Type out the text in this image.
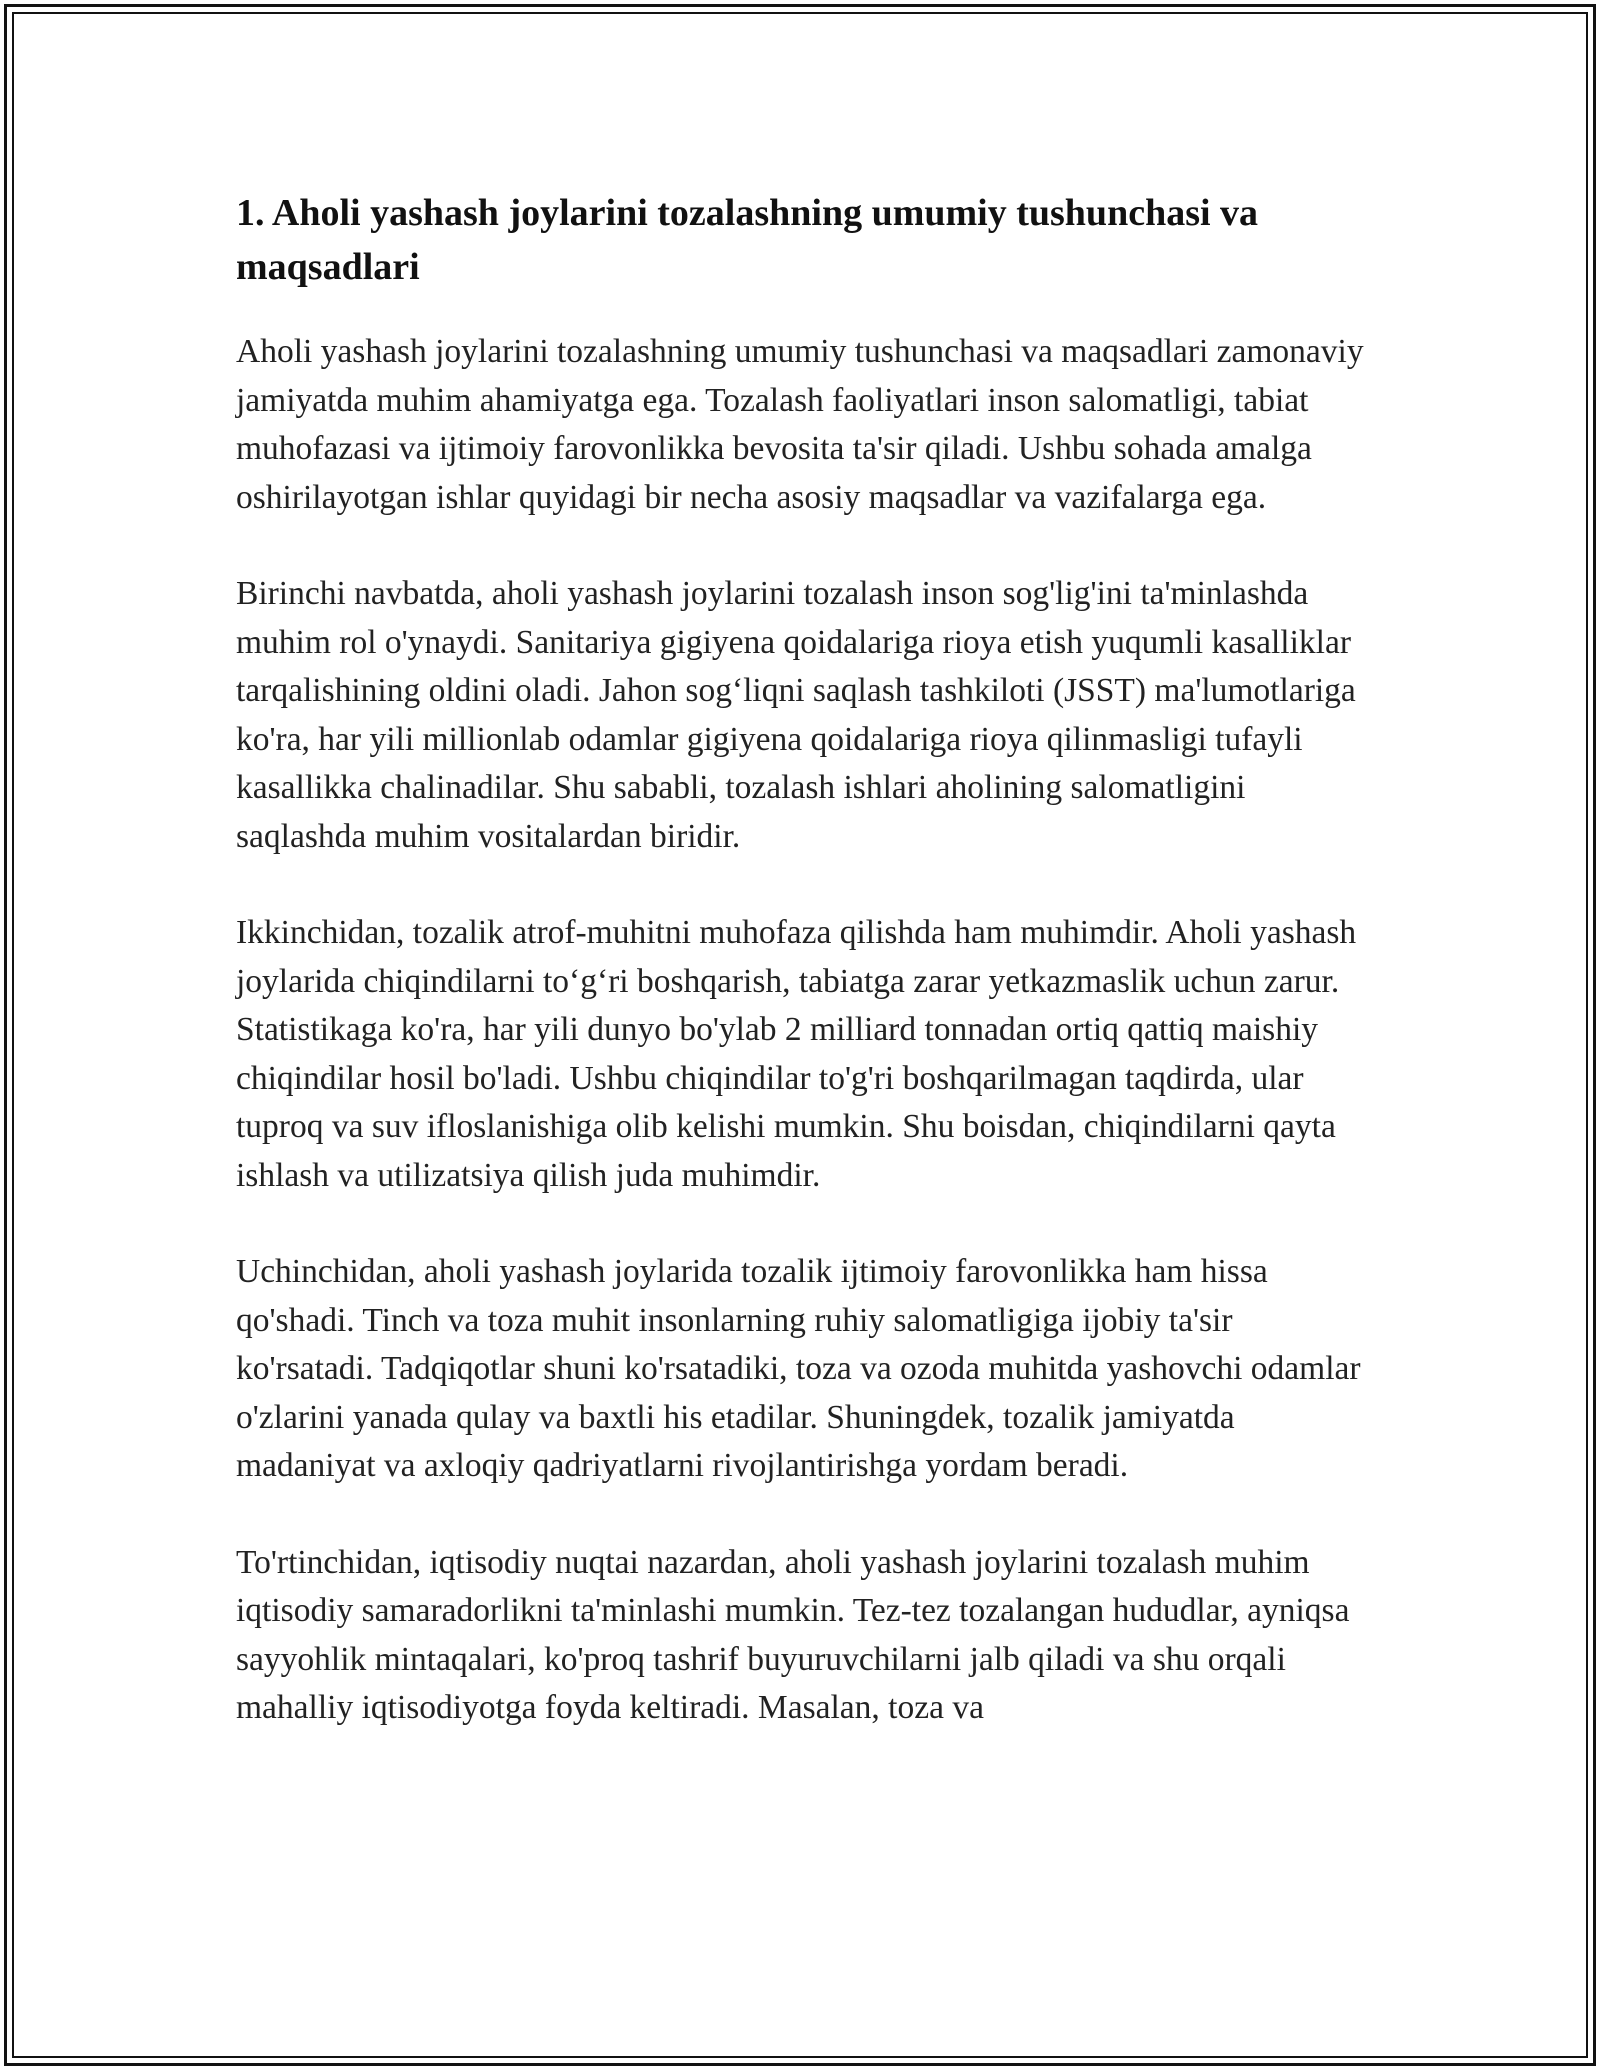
1. Aholi yashash joylarini tozalashning umumiy tushunchasi va maqsadlari

Aholi yashash joylarini tozalashning umumiy tushunchasi va maqsadlari zamonaviy jamiyatda muhim ahamiyatga ega. Tozalash faoliyatlari inson salomatligi, tabiat muhofazasi va ijtimoiy farovonlikka bevosita ta'sir qiladi. Ushbu sohada amalga oshirilayotgan ishlar quyidagi bir necha asosiy maqsadlar va vazifalarga ega.

Birinchi navbatda, aholi yashash joylarini tozalash inson sog'lig'ini ta'minlashda muhim rol o'ynaydi. Sanitariya gigiyena qoidalariga rioya etish yuqumli kasalliklar tarqalishining oldini oladi. Jahon sog‘liqni saqlash tashkiloti (JSST) ma'lumotlariga ko'ra, har yili millionlab odamlar gigiyena qoidalariga rioya qilinmasligi tufayli kasallikka chalinadilar. Shu sababli, tozalash ishlari aholining salomatligini saqlashda muhim vositalardan biridir.

Ikkinchidan, tozalik atrof-muhitni muhofaza qilishda ham muhimdir. Aholi yashash joylarida chiqindilarni to‘g‘ri boshqarish, tabiatga zarar yetkazmaslik uchun zarur. Statistikaga ko'ra, har yili dunyo bo'ylab 2 milliard tonnadan ortiq qattiq maishiy chiqindilar hosil bo'ladi. Ushbu chiqindilar to'g'ri boshqarilmagan taqdirda, ular tuproq va suv ifloslanishiga olib kelishi mumkin. Shu boisdan, chiqindilarni qayta ishlash va utilizatsiya qilish juda muhimdir.

Uchinchidan, aholi yashash joylarida tozalik ijtimoiy farovonlikka ham hissa qo'shadi. Tinch va toza muhit insonlarning ruhiy salomatligiga ijobiy ta'sir ko'rsatadi. Tadqiqotlar shuni ko'rsatadiki, toza va ozoda muhitda yashovchi odamlar o'zlarini yanada qulay va baxtli his etadilar. Shuningdek, tozalik jamiyatda madaniyat va axloqiy qadriyatlarni rivojlantirishga yordam beradi.

To'rtinchidan, iqtisodiy nuqtai nazardan, aholi yashash joylarini tozalash muhim iqtisodiy samaradorlikni ta'minlashi mumkin. Tez-tez tozalangan hududlar, ayniqsa sayyohlik mintaqalari, ko'proq tashrif buyuruvchilarni jalb qiladi va shu orqali mahalliy iqtisodiyotga foyda keltiradi. Masalan, toza va
